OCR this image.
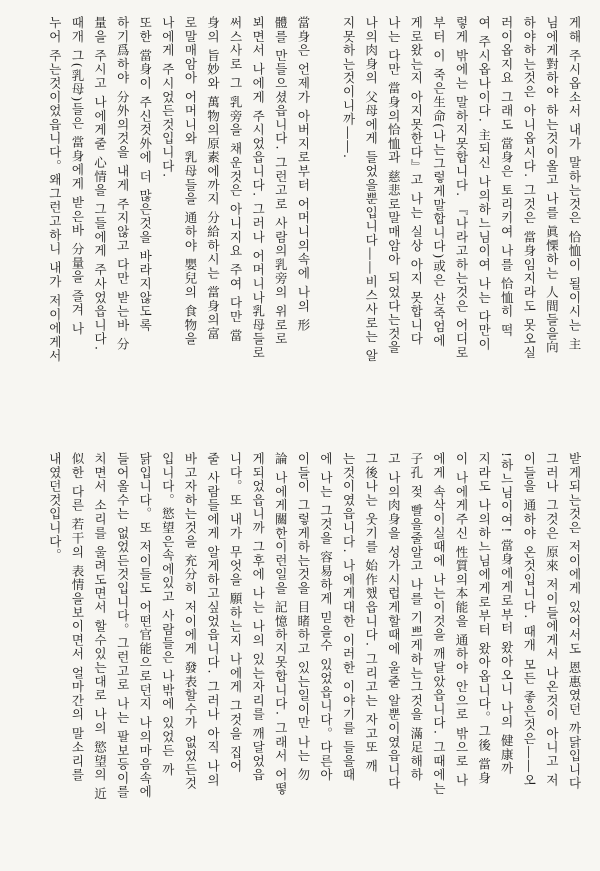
게해 주시옵소서 내가 말하는것은 恰恤이 될이시는 主
님에게對하야 하는것이올고 나를 眞慄하는 人間들을向
하야하는것은 아니옵시다. 그것은 當身임지라도 못오실
러이옵지요 그래도 當身은 토리키여 나를 恰恤히 떡
여 주시옵나이다. 主되신 나의하느님이여 나는 다만이
렇게 밖에는 말하지못합니다. 『나라고하는것은 어디로
부터 이 죽은生命(나는그렇게말합니다)或은 산죽엄에
게로왔는지 아지못한다』고 나는 실상 아지 못합니다
나는 다만 當身의恰恤과 慈悲로말매암아 되었다는것을
나의肉身의 父母에게 들었을뿐입니다――비스사로는 알
지못하는것이니까――.

當身은 언제가 아버지로부터 어머니의속에 나의 形
體를 만들으셨읍니다. 그런고로 사람의乳旁의 위로로
뵈면서 나에게 주시었읍니다. 그러나 어머니나乳母들로
써스사로 그 乳旁을 채운것은 아니지요 주여 다만 當
身의 旨妙와 萬物의原素에까지 分給하시는 當身의富
로말매암아 어머니와 乳母들을 通하야 嬰兒의 食物을
나에게 주시었든것입니다.
또한 當身이 주신것外에 더 많은것을 바라지않도록
하기爲하야 分外의것을 내게 주지않고 다만 받는바 分
量을 주시고 나에게줄 心情을 그들에게 주사었읍니다.
때개 그(乳母)들은 當身에게 받은바 分量을 즐겨 나
누어 주는것이었읍니다。왜그런고하니 내가 저이에게서
받게되는것은 저이에게 있어서도 恩惠였던 까닭입니다
그러나 그것은 原來 저이들에게서 나온것이 아니고 저
이들을 通하야 온것입니다. 때개 모든 좋은것은――오
!하느님이여! 當身에게로부터 왔아오니 나의 健康까
지라도 나의하느님에게로부터 왔아옵니다。그後 當身
이 나에게주신 性質의本能을 通하야 안으로 밖으로 나
에게 속삭이실때에 나는이것을 깨달았읍니다. 그때에는
子孔 젖 빨을줄알고 나를 기쁘게하는그것을 滿足해하
고 나의肉身을 성가시럽게할때에 울줄 알뿐이였읍니다
그後나는 웃기를 始作했읍니다. 그리고는 자고또 깨
는것이였읍니다. 나에게대한 이러한 이야기를 들을때
에 나는 그것을 容易하게 믿을수 있었읍니다。다른아
이들이 그렇게하는것을 目睹하고 있는일이만 나는 勿
論 나에게關한이런일을 記憶하지못합니다. 그래서 어떻
게되었읍니까 그후에 나는 나의 있는자리를 깨달었읍
니다。또 내가 무엇을 願하는지 나에게 그것을 집어
줄 사람들에게 알게하고싶었읍니다. 그러나 아직 나의
바고자하는것을 充分히 저이에게 發表할수가 없었든것
입니다。慾望은속에있고 사람들은 나밖에 있었든 까
닭입니다。또 저이들도 어떤官能으로던지 나의마음속에
들어올수는 없었든것입니다。그런고로 나는 팔보등이를
치면서 소리를 울려도면서 할수있는대로 나의 慾望의 近
似한 다른 若干의 表情을보이면서 얼마간의 말소리를
내였던것입니다。
